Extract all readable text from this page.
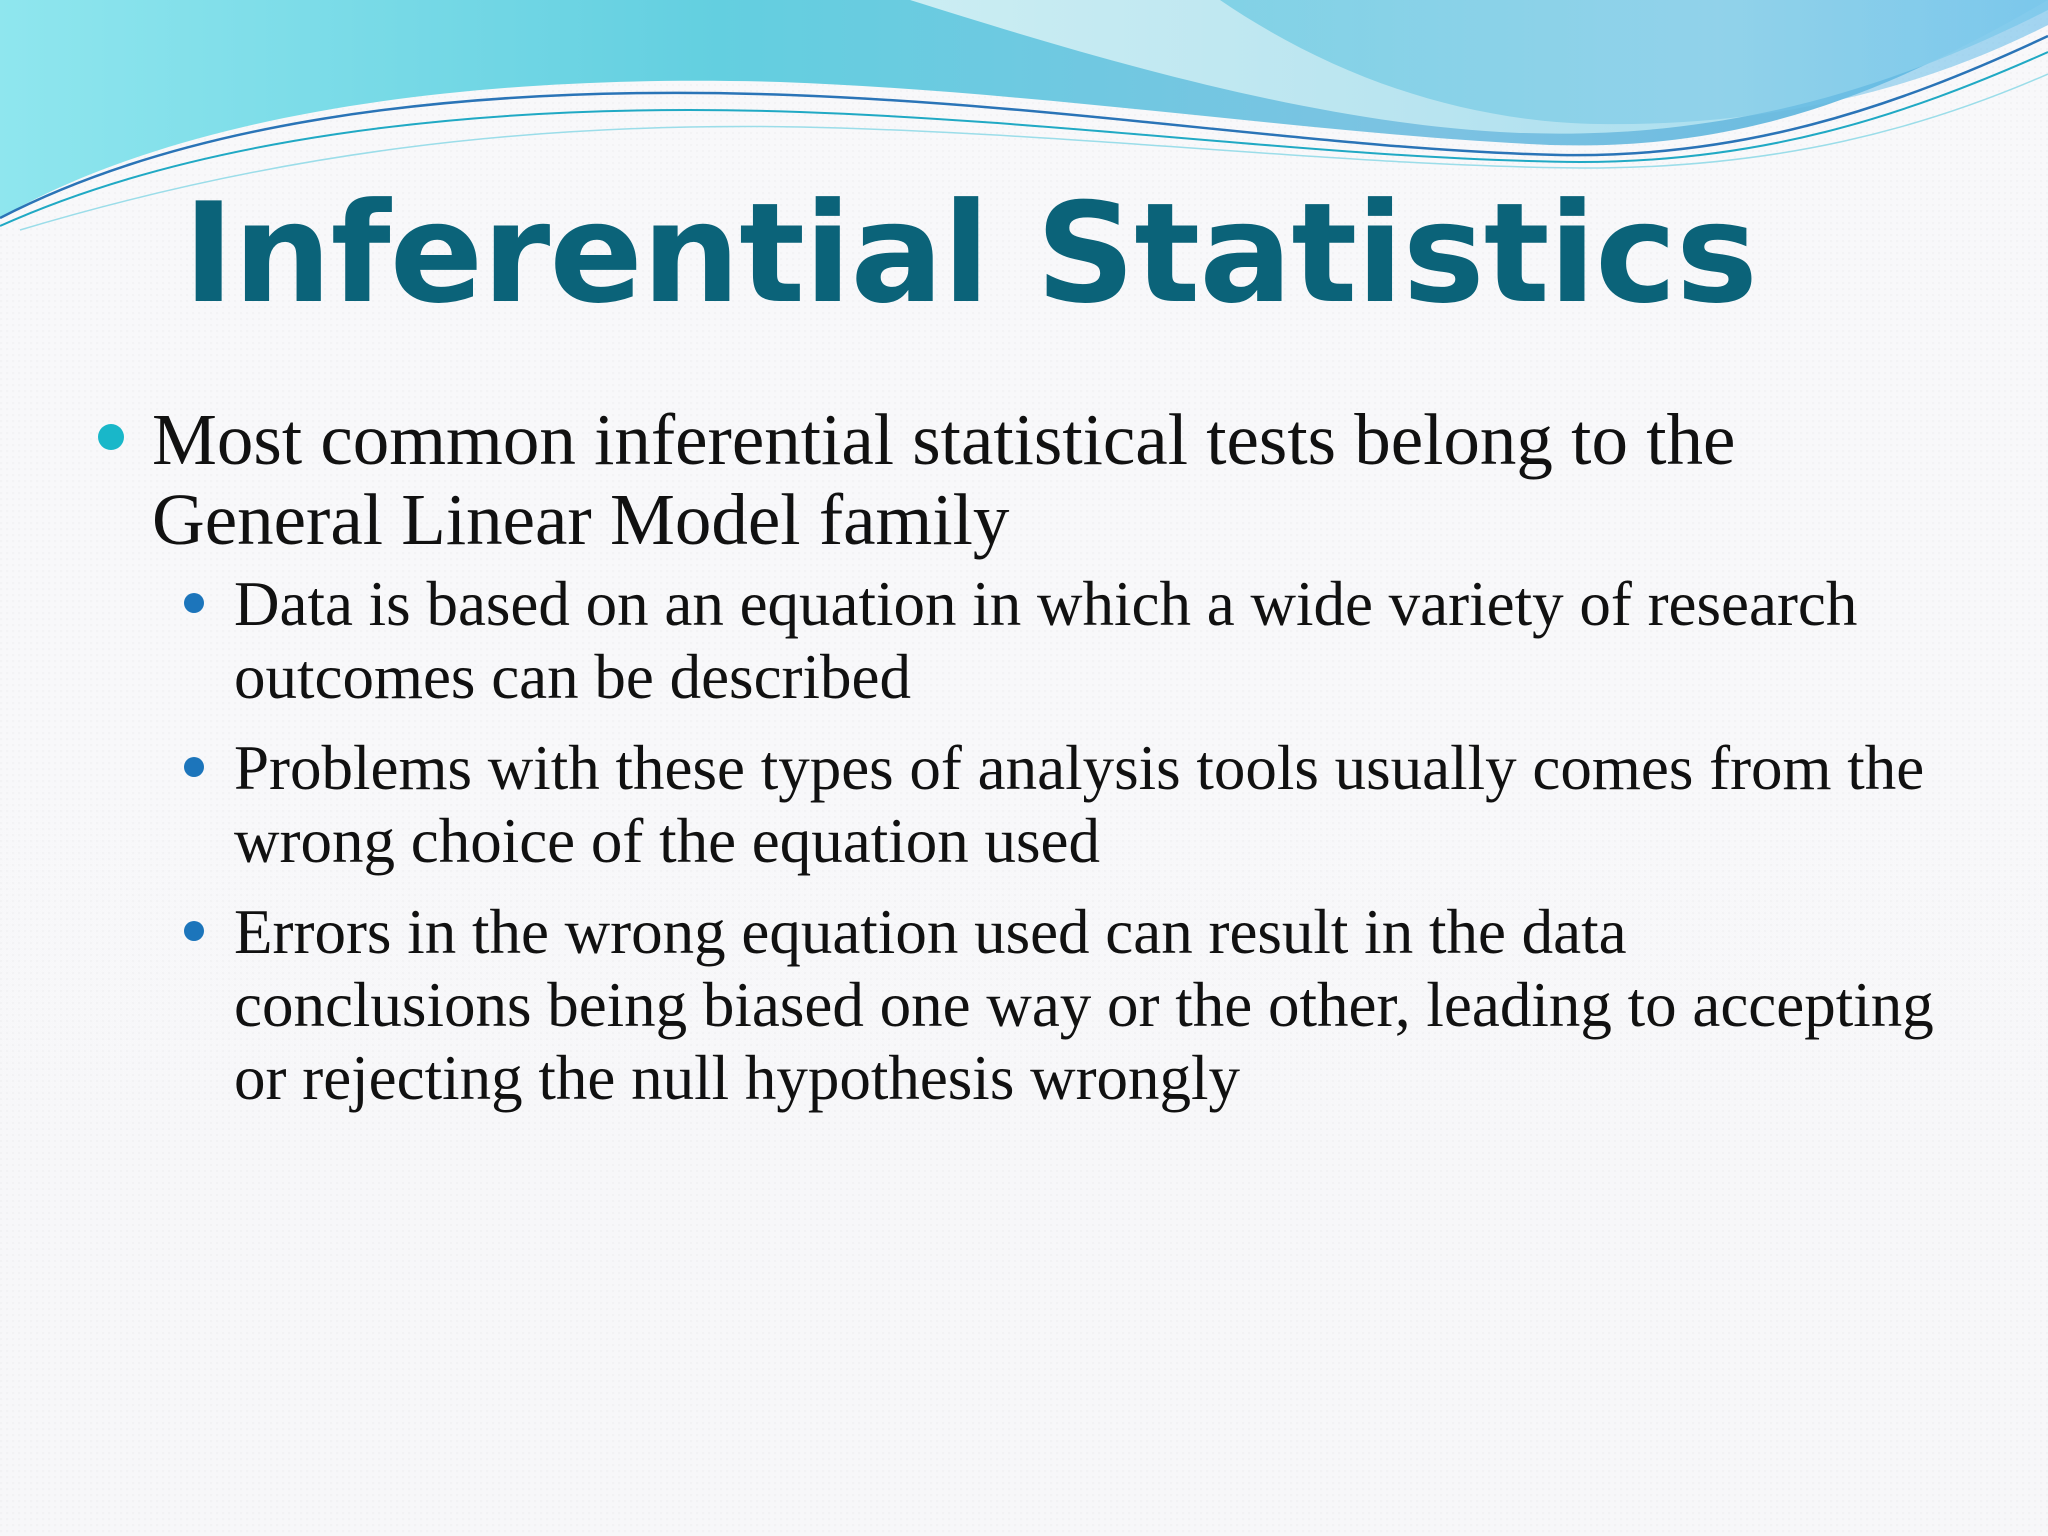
Inferential Statistics
Most common inferential statistical tests belong to the General Linear Model family
Data is based on an equation in which a wide variety of research outcomes can be described
Problems with these types of analysis tools usually comes from the wrong choice of the equation used
Errors in the wrong equation used can result in the data conclusions being biased one way or the other, leading to accepting or rejecting the null hypothesis wrongly
